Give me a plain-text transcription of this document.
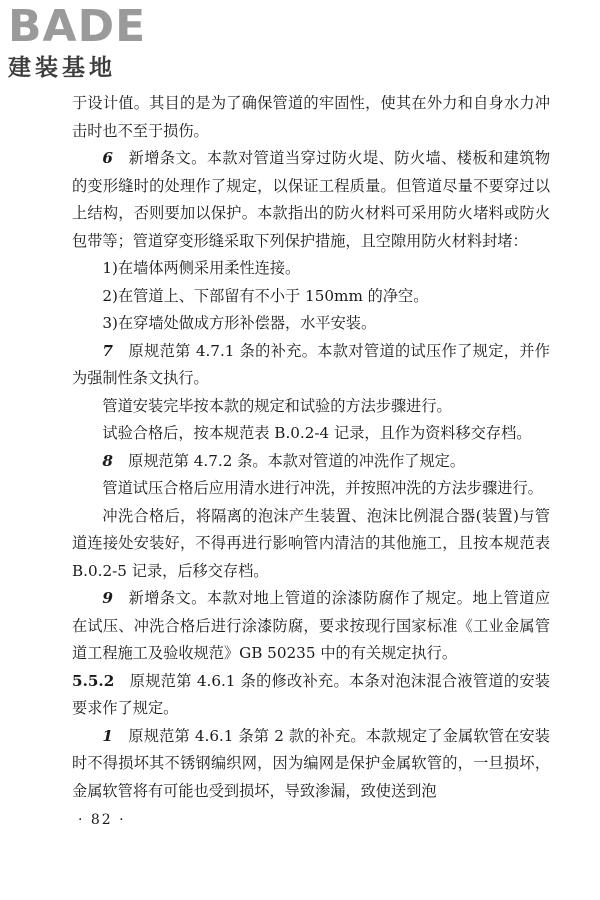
BADE
建装基地

于设计值。其目的是为了确保管道的牢固性，使其在外力和自身水力冲击时也不至于损伤。

6  新增条文。本款对管道当穿过防火堤、防火墙、楼板和建筑物的变形缝时的处理作了规定，以保证工程质量。但管道尽量不要穿过以上结构，否则要加以保护。本款指出的防火材料可采用防火堵料或防火包带等；管道穿变形缝采取下列保护措施，且空隙用防火材料封堵：

1)在墙体两侧采用柔性连接。

2)在管道上、下部留有不小于 150mm 的净空。

3)在穿墙处做成方形补偿器，水平安装。

7  原规范第 4.7.1 条的补充。本款对管道的试压作了规定，并作为强制性条文执行。

管道安装完毕按本款的规定和试验的方法步骤进行。

试验合格后，按本规范表 B.0.2-4 记录，且作为资料移交存档。

8  原规范第 4.7.2 条。本款对管道的冲洗作了规定。

管道试压合格后应用清水进行冲洗，并按照冲洗的方法步骤进行。

冲洗合格后，将隔离的泡沫产生装置、泡沫比例混合器(装置)与管道连接处安装好，不得再进行影响管内清洁的其他施工，且按本规范表 B.0.2-5 记录，后移交存档。

9  新增条文。本款对地上管道的涂漆防腐作了规定。地上管道应在试压、冲洗合格后进行涂漆防腐，要求按现行国家标准《工业金属管道工程施工及验收规范》GB 50235 中的有关规定执行。

5.5.2  原规范第 4.6.1 条的修改补充。本条对泡沫混合液管道的安装要求作了规定。

1  原规范第 4.6.1 条第 2 款的补充。本款规定了金属软管在安装时不得损坏其不锈钢编织网，因为编网是保护金属软管的，一旦损坏，金属软管将有可能也受到损坏，导致渗漏，致使送到泡

· 82 ·
